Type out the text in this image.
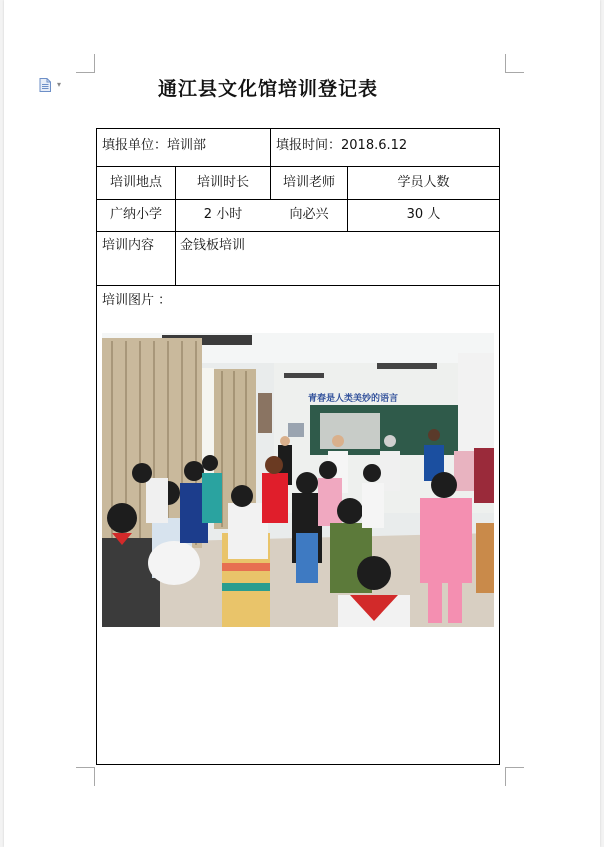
▾	通江县文化馆培训登记表
填报单位：培训部	填报时间：2018.6.12
培训地点	培训时长	培训老师	学员人数
广纳小学	2 小时	向必兴	30 人
培训内容 金钱板培训
培训图片 ：
青春是人类美妙的语言
